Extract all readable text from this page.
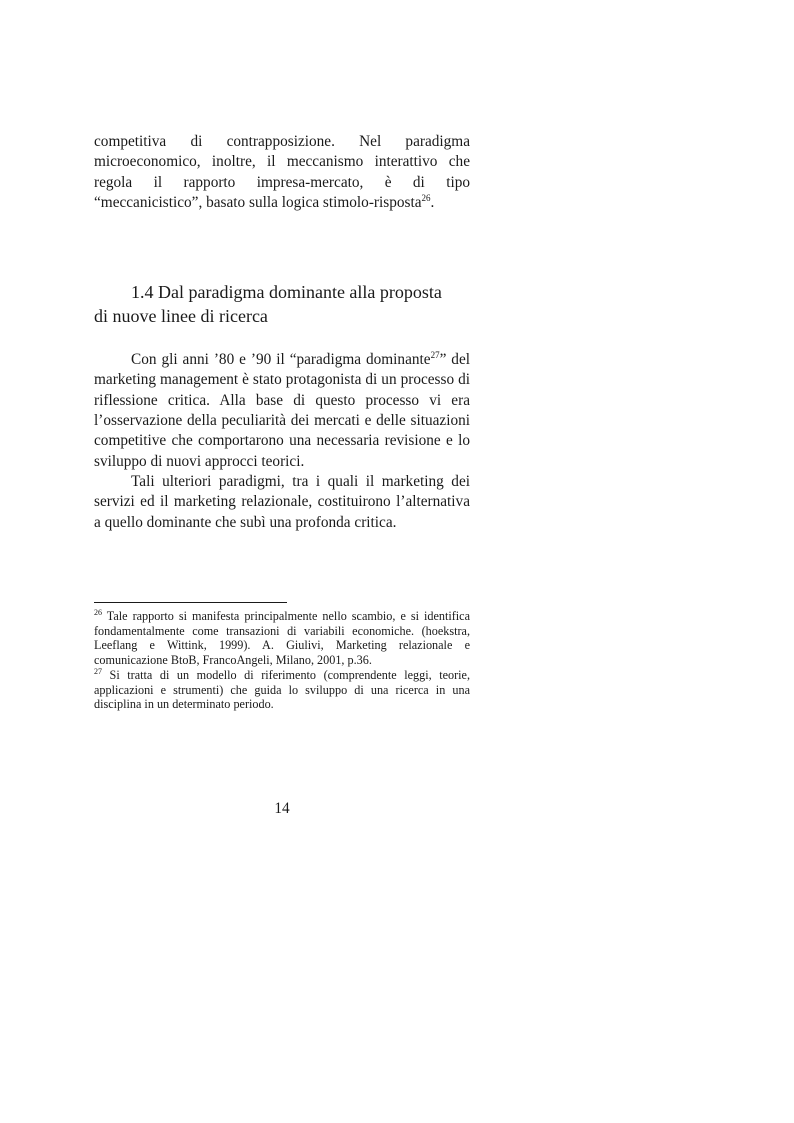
competitiva di contrapposizione. Nel paradigma microeconomico, inoltre, il meccanismo interattivo che regola il rapporto impresa-mercato, è di tipo “meccanicistico”, basato sulla logica stimolo-risposta$^{26}$.

1.4 Dal paradigma dominante alla proposta
di nuove linee di ricerca

Con gli anni ’80 e ’90 il “paradigma dominante$^{27}$” del marketing management è stato protagonista di un processo di riflessione critica. Alla base di questo processo vi era l’osservazione della peculiarità dei mercati e delle situazioni competitive che comportarono una necessaria revisione e lo sviluppo di nuovi approcci teorici.

Tali ulteriori paradigmi, tra i quali il marketing dei servizi ed il marketing relazionale, costituirono l’alternativa a quello dominante che subì una profonda critica.

$^{26}$ Tale rapporto si manifesta principalmente nello scambio, e si identifica fondamentalmente come transazioni di variabili economiche. (hoekstra, Leeflang e Wittink, 1999). A. Giulivi, Marketing relazionale e comunicazione BtoB, FrancoAngeli, Milano, 2001, p.36.

$^{27}$ Si tratta di un modello di riferimento (comprendente leggi, teorie, applicazioni e strumenti) che guida lo sviluppo di una ricerca in una disciplina in un determinato periodo.

14
